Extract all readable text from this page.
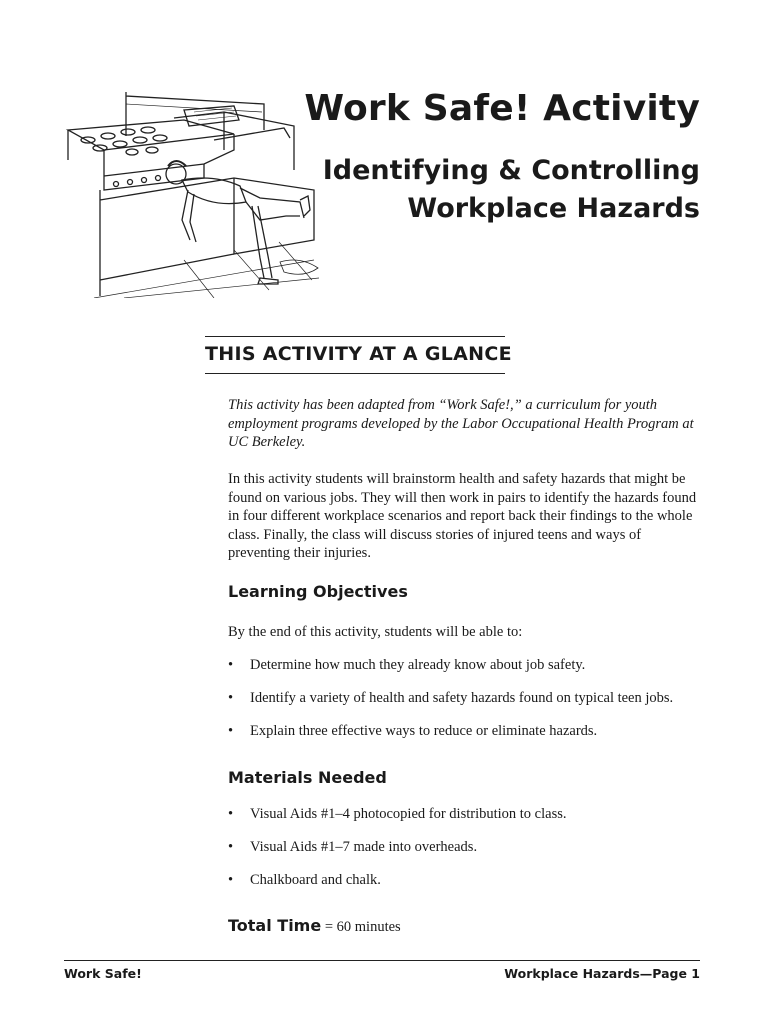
Work Safe! Activity
Identifying & Controlling
Workplace Hazards
THIS ACTIVITY AT A GLANCE

This activity has been adapted from “Work Safe!,” a curriculum for youth employment programs developed by the Labor Occupational Health Program at UC Berkeley.

In this activity students will brainstorm health and safety hazards that might be found on various jobs. They will then work in pairs to identify the hazards found in four different workplace scenarios and report back their findings to the whole class. Finally, the class will discuss stories of injured teens and ways of preventing their injuries.

Learning Objectives

By the end of this activity, students will be able to:

• Determine how much they already know about job safety.
• Identify a variety of health and safety hazards found on typical teen jobs.
• Explain three effective ways to reduce or eliminate hazards.
Materials Needed
• Visual Aids #1–4 photocopied for distribution to class.
• Visual Aids #1–7 made into overheads.
• Chalkboard and chalk.

Total Time = 60 minutes

Work Safe!	Workplace Hazards—Page 1
